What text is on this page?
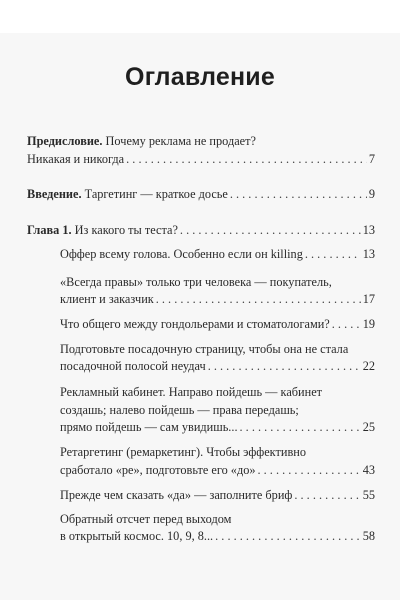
Оглавление
Предисловие. Почему реклама не продает?
Никакая и никогда . . .	7
Введение. Таргетинг — краткое досье . . .	9
Глава 1. Из какого ты теста? . . .	13
Оффер всему голова. Особенно если он killing . . .	13
«Всегда правы» только три человека — покупатель,
клиент и заказчик . . .	17
Что общего между гондольерами и стоматологами? . . .	19
Подготовьте посадочную страницу, чтобы она не стала
посадочной полосой неудач . . .	22
Рекламный кабинет. Направо пойдешь — кабинет
создашь; налево пойдешь — права передашь;
прямо пойдешь — сам увидишь... . . .	25
Ретаргетинг (ремаркетинг). Чтобы эффективно
сработало «ре», подготовьте его «до» . . .	43
Прежде чем сказать «да» — заполните бриф . . .	55
Обратный отсчет перед выходом
в открытый космос. 10, 9, 8... . . .	58
